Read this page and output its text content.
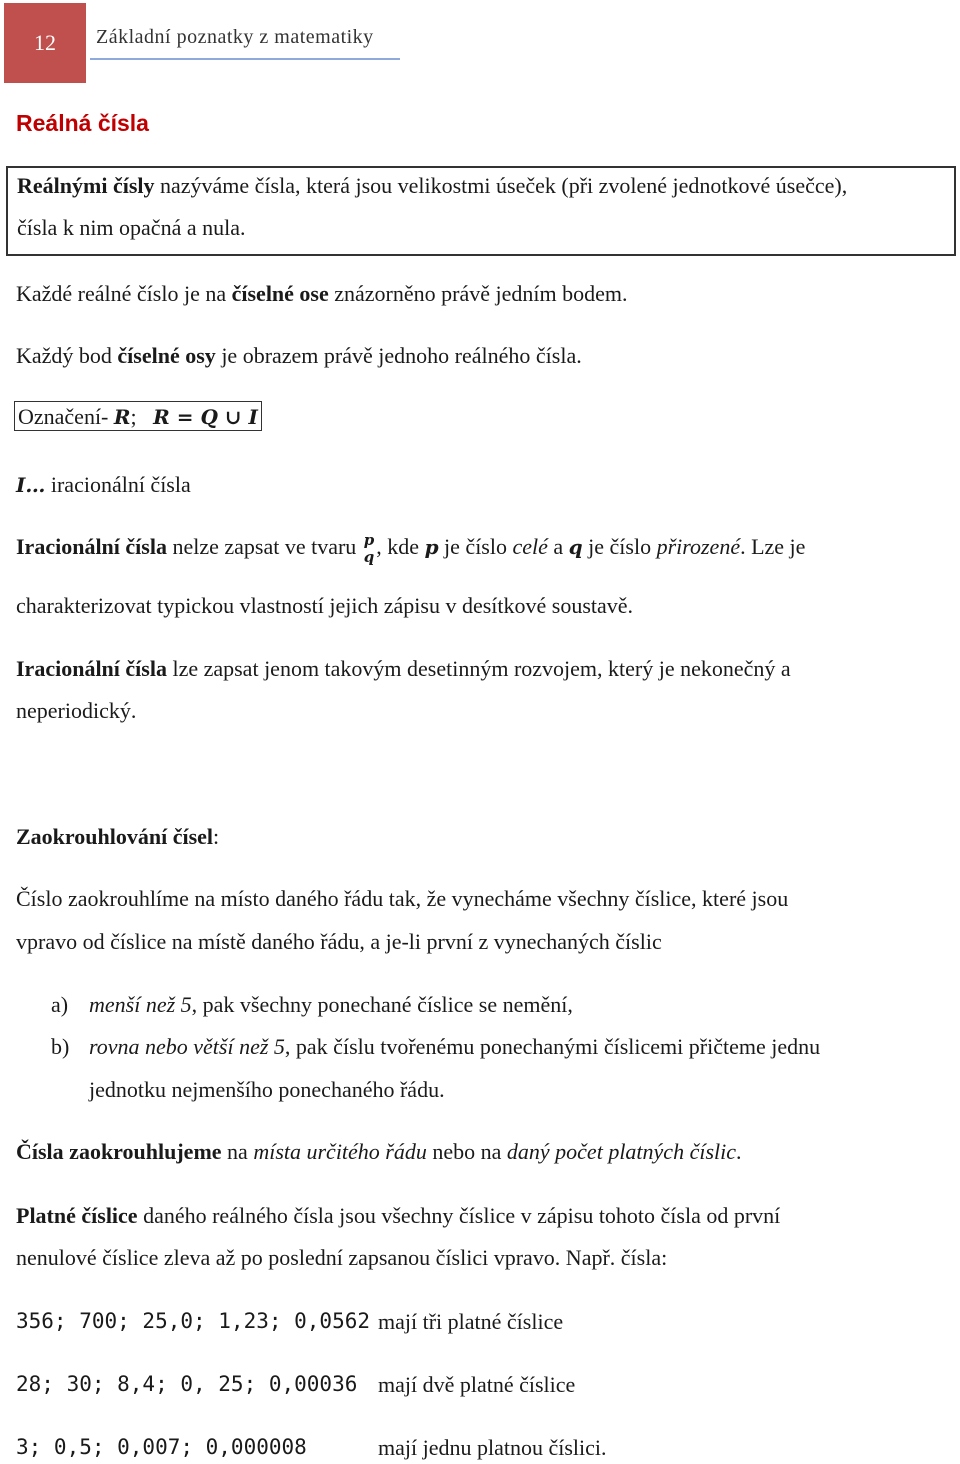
12	Základní poznatky z matematiky
Reálná čísla

Reálnými čísly nazýváme čísla, která jsou velikostmi úseček (při zvolené jednotkové úsečce),

čísla k nim opačná a nula.

Každé reálné číslo je na číselné ose znázorněno právě jedním bodem.
Každý bod číselné osy je obrazem právě jednoho reálného čísla.
Označení- R;   R = Q ∪ I
I… iracionální čísla
Iracionální čísla nelze zapsat ve tvaru p
q , kde p je číslo celé a q je číslo přirozené. Lze je
charakterizovat typickou vlastností jejich zápisu v desítkové soustavě.
Iracionální čísla lze zapsat jenom takovým desetinným rozvojem, který je nekonečný a
neperiodický.
Zaokrouhlování čísel:
Číslo zaokrouhlíme na místo daného řádu tak, že vynecháme všechny číslice, které jsou
vpravo od číslice na místě daného řádu, a je-li první z vynechaných číslic
a) menší než 5, pak všechny ponechané číslice se nemění,
b) rovna nebo větší než 5, pak číslu tvořenému ponechanými číslicemi přičteme jednu
jednotku nejmenšího ponechaného řádu.
Čísla zaokrouhlujeme na místa určitého řádu nebo na daný počet platných číslic.
Platné číslice daného reálného čísla jsou všechny číslice v zápisu tohoto čísla od první
nenulové číslice zleva až po poslední zapsanou číslici vpravo. Např. čísla:
356; 700; 25,0; 1,23; 0,0562 mají tři platné číslice
28; 30; 8,4; 0, 25; 0,00036 mají dvě platné číslice
3; 0,5; 0,007; 0,000008	mají jednu platnou číslici.
